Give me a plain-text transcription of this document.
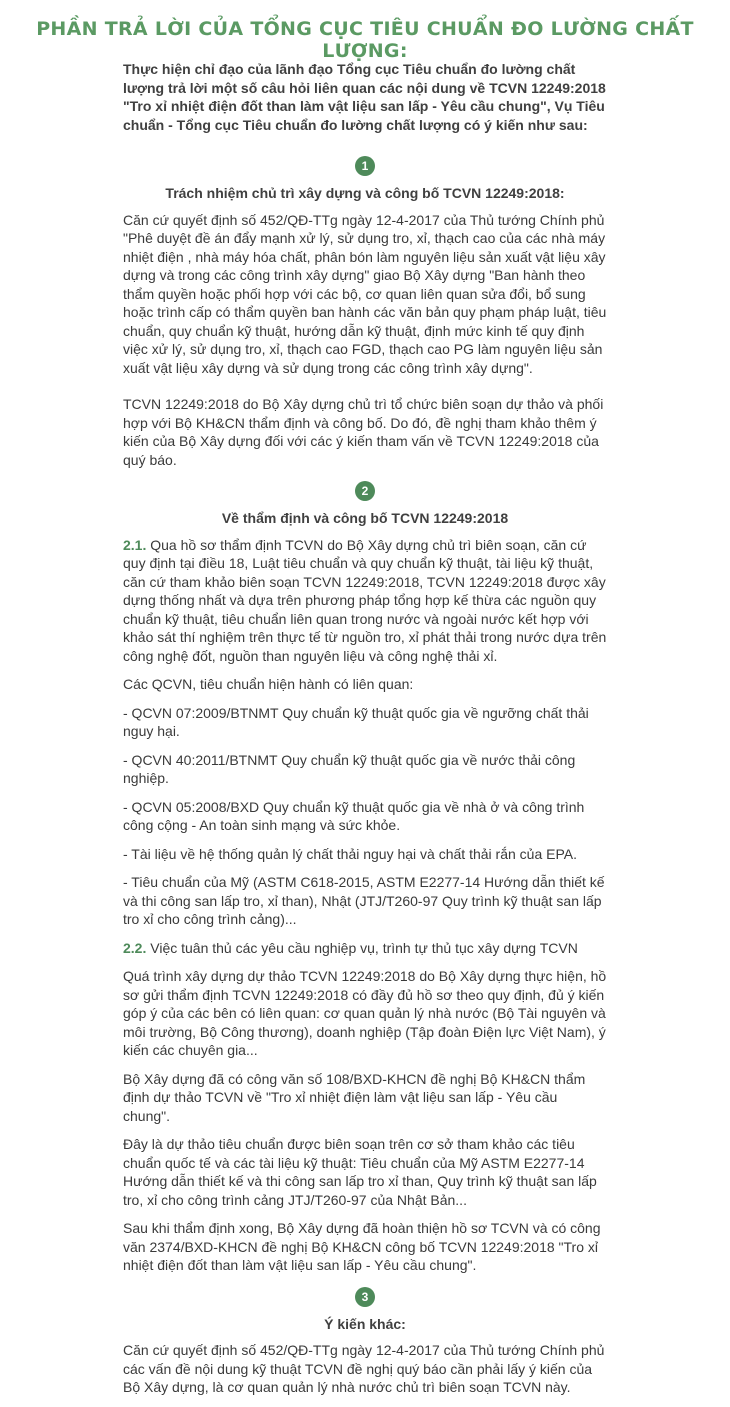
PHẦN TRẢ LỜI CỦA TỔNG CỤC TIÊU CHUẨN ĐO LƯỜNG CHẤT LƯỢNG:

Thực hiện chỉ đạo của lãnh đạo Tổng cục Tiêu chuẩn đo lường chất lượng trả lời một số câu hỏi liên quan các nội dung về TCVN 12249:2018 "Tro xỉ nhiệt điện đốt than làm vật liệu san lấp - Yêu cầu chung", Vụ Tiêu chuẩn - Tổng cục Tiêu chuẩn đo lường chất lượng có ý kiến như sau:

1
Trách nhiệm chủ trì xây dựng và công bố TCVN 12249:2018:

Căn cứ quyết định số 452/QĐ-TTg ngày 12-4-2017 của Thủ tướng Chính phủ "Phê duyệt đề án đẩy mạnh xử lý, sử dụng tro, xỉ, thạch cao của các nhà máy nhiệt điện , nhà máy hóa chất, phân bón làm nguyên liệu sản xuất vật liệu xây dựng và trong các công trình xây dựng" giao Bộ Xây dựng "Ban hành theo thẩm quyền hoặc phối hợp với các bộ, cơ quan liên quan sửa đổi, bổ sung hoặc trình cấp có thẩm quyền ban hành các văn bản quy phạm pháp luật, tiêu chuẩn, quy chuẩn kỹ thuật, hướng dẫn kỹ thuật, định mức kinh tế quy định việc xử lý, sử dụng tro, xỉ, thạch cao FGD, thạch cao PG làm nguyên liệu sản xuất vật liệu xây dựng và sử dụng trong các công trình xây dựng".

TCVN 12249:2018 do Bộ Xây dựng chủ trì tổ chức biên soạn dự thảo và phối hợp với Bộ KH&CN thẩm định và công bố. Do đó, đề nghị tham khảo thêm ý kiến của Bộ Xây dựng đối với các ý kiến tham vấn về TCVN 12249:2018 của quý báo.

2
Về thẩm định và công bố TCVN 12249:2018

2.1. Qua hồ sơ thẩm định TCVN do Bộ Xây dựng chủ trì biên soạn, căn cứ quy định tại điều 18, Luật tiêu chuẩn và quy chuẩn kỹ thuật, tài liệu kỹ thuật, căn cứ tham khảo biên soạn TCVN 12249:2018, TCVN 12249:2018 được xây dựng thống nhất và dựa trên phương pháp tổng hợp kế thừa các nguồn quy chuẩn kỹ thuật, tiêu chuẩn liên quan trong nước và ngoài nước kết hợp với khảo sát thí nghiệm trên thực tế từ nguồn tro, xỉ phát thải trong nước dựa trên công nghệ đốt, nguồn than nguyên liệu và công nghệ thải xỉ.

Các QCVN, tiêu chuẩn hiện hành có liên quan:

- QCVN 07:2009/BTNMT Quy chuẩn kỹ thuật quốc gia về ngưỡng chất thải nguy hại.

- QCVN 40:2011/BTNMT Quy chuẩn kỹ thuật quốc gia về nước thải công nghiệp.

- QCVN 05:2008/BXD Quy chuẩn kỹ thuật quốc gia về nhà ở và công trình công cộng - An toàn sinh mạng và sức khỏe.

- Tài liệu về hệ thống quản lý chất thải nguy hại và chất thải rắn của EPA.

- Tiêu chuẩn của Mỹ (ASTM C618-2015, ASTM E2277-14 Hướng dẫn thiết kế và thi công san lấp tro, xỉ than), Nhật (JTJ/T260-97 Quy trình kỹ thuật san lấp tro xỉ cho công trình cảng)...

2.2. Việc tuân thủ các yêu cầu nghiệp vụ, trình tự thủ tục xây dựng TCVN

Quá trình xây dựng dự thảo TCVN 12249:2018 do Bộ Xây dựng thực hiện, hồ sơ gửi thẩm định TCVN 12249:2018 có đầy đủ hồ sơ theo quy định, đủ ý kiến góp ý của các bên có liên quan: cơ quan quản lý nhà nước (Bộ Tài nguyên và môi trường, Bộ Công thương), doanh nghiệp (Tập đoàn Điện lực Việt Nam), ý kiến các chuyên gia...

Bộ Xây dựng đã có công văn số 108/BXD-KHCN đề nghị Bộ KH&CN thẩm định dự thảo TCVN về "Tro xỉ nhiệt điện làm vật liệu san lấp - Yêu cầu chung".

Đây là dự thảo tiêu chuẩn được biên soạn trên cơ sở tham khảo các tiêu chuẩn quốc tế và các tài liệu kỹ thuật: Tiêu chuẩn của Mỹ ASTM E2277-14 Hướng dẫn thiết kế và thi công san lấp tro xỉ than, Quy trình kỹ thuật san lấp tro, xỉ cho công trình cảng JTJ/T260-97 của Nhật Bản...

Sau khi thẩm định xong, Bộ Xây dựng đã hoàn thiện hồ sơ TCVN và có công văn 2374/BXD-KHCN đề nghị Bộ KH&CN công bố TCVN 12249:2018 "Tro xỉ nhiệt điện đốt than làm vật liệu san lấp - Yêu cầu chung".

3
Ý kiến khác:

Căn cứ quyết định số 452/QĐ-TTg ngày 12-4-2017 của Thủ tướng Chính phủ các vấn đề nội dung kỹ thuật TCVN đề nghị quý báo cần phải lấy ý kiến của Bộ Xây dựng, là cơ quan quản lý nhà nước chủ trì biên soạn TCVN này.
